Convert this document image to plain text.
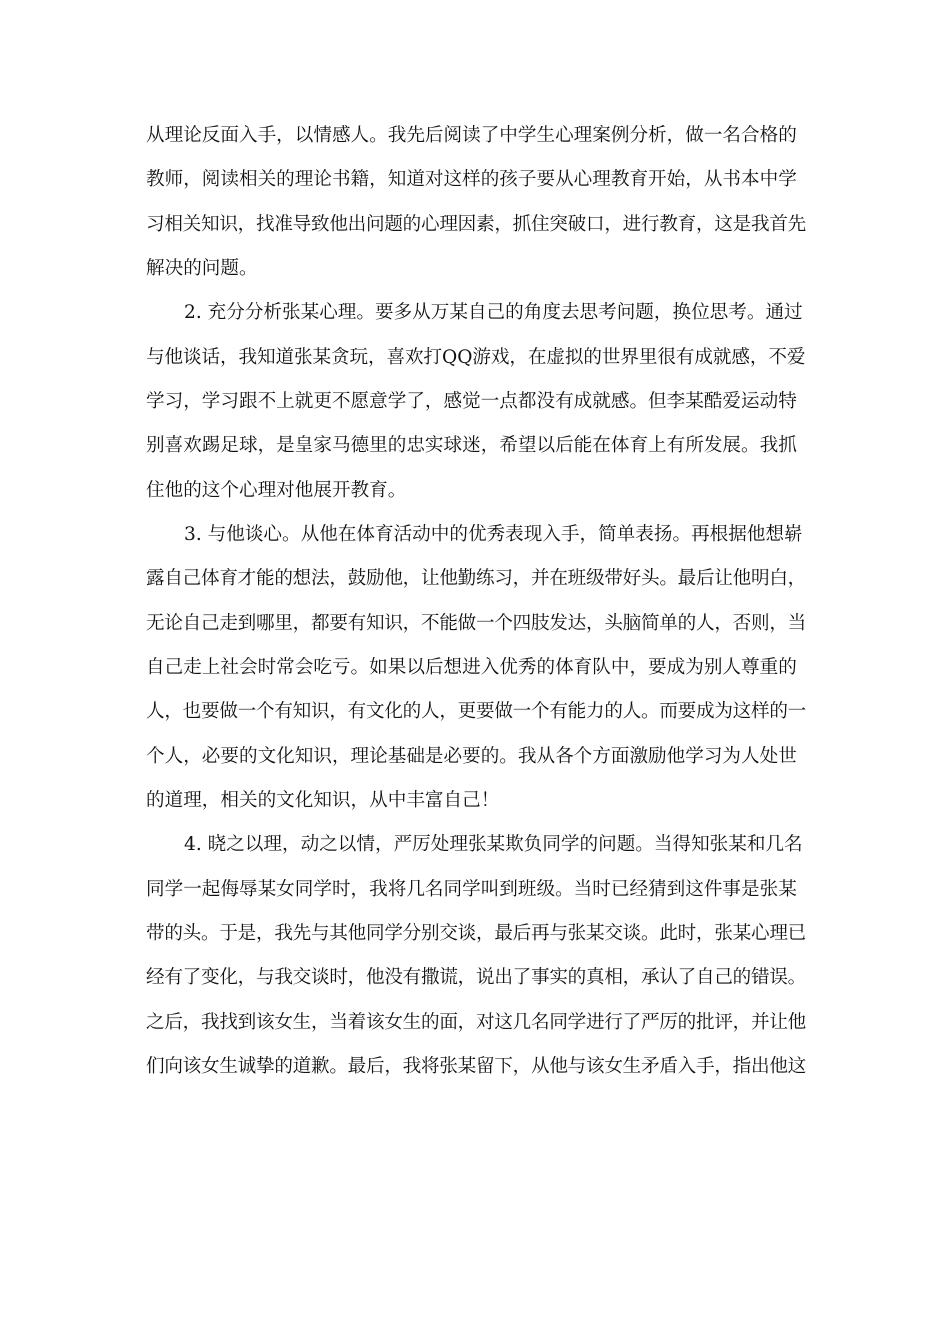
从理论反面入手，以情感人。我先后阅读了中学生心理案例分析，做一名合格的
教师，阅读相关的理论书籍，知道对这样的孩子要从心理教育开始，从书本中学
习相关知识，找准导致他出问题的心理因素，抓住突破口，进行教育，这是我首先
解决的问题。
2. 充分分析张某心理。要多从万某自己的角度去思考问题，换位思考。通过
与他谈话，我知道张某贪玩，喜欢打QQ游戏，在虚拟的世界里很有成就感，不爱
学习，学习跟不上就更不愿意学了，感觉一点都没有成就感。但李某酷爱运动特
别喜欢踢足球，是皇家马德里的忠实球迷，希望以后能在体育上有所发展。我抓
住他的这个心理对他展开教育。
3. 与他谈心。从他在体育活动中的优秀表现入手，简单表扬。再根据他想崭
露自己体育才能的想法，鼓励他，让他勤练习，并在班级带好头。最后让他明白，
无论自己走到哪里，都要有知识，不能做一个四肢发达，头脑简单的人，否则，当
自己走上社会时常会吃亏。如果以后想进入优秀的体育队中，要成为别人尊重的
人，也要做一个有知识，有文化的人，更要做一个有能力的人。而要成为这样的一
个人，必要的文化知识，理论基础是必要的。我从各个方面激励他学习为人处世
的道理，相关的文化知识，从中丰富自己！
4. 晓之以理，动之以情，严厉处理张某欺负同学的问题。当得知张某和几名
同学一起侮辱某女同学时，我将几名同学叫到班级。当时已经猜到这件事是张某
带的头。于是，我先与其他同学分别交谈，最后再与张某交谈。此时，张某心理已
经有了变化，与我交谈时，他没有撒谎，说出了事实的真相，承认了自己的错误。
之后，我找到该女生，当着该女生的面，对这几名同学进行了严厉的批评，并让他
们向该女生诚挚的道歉。最后，我将张某留下，从他与该女生矛盾入手，指出他这
